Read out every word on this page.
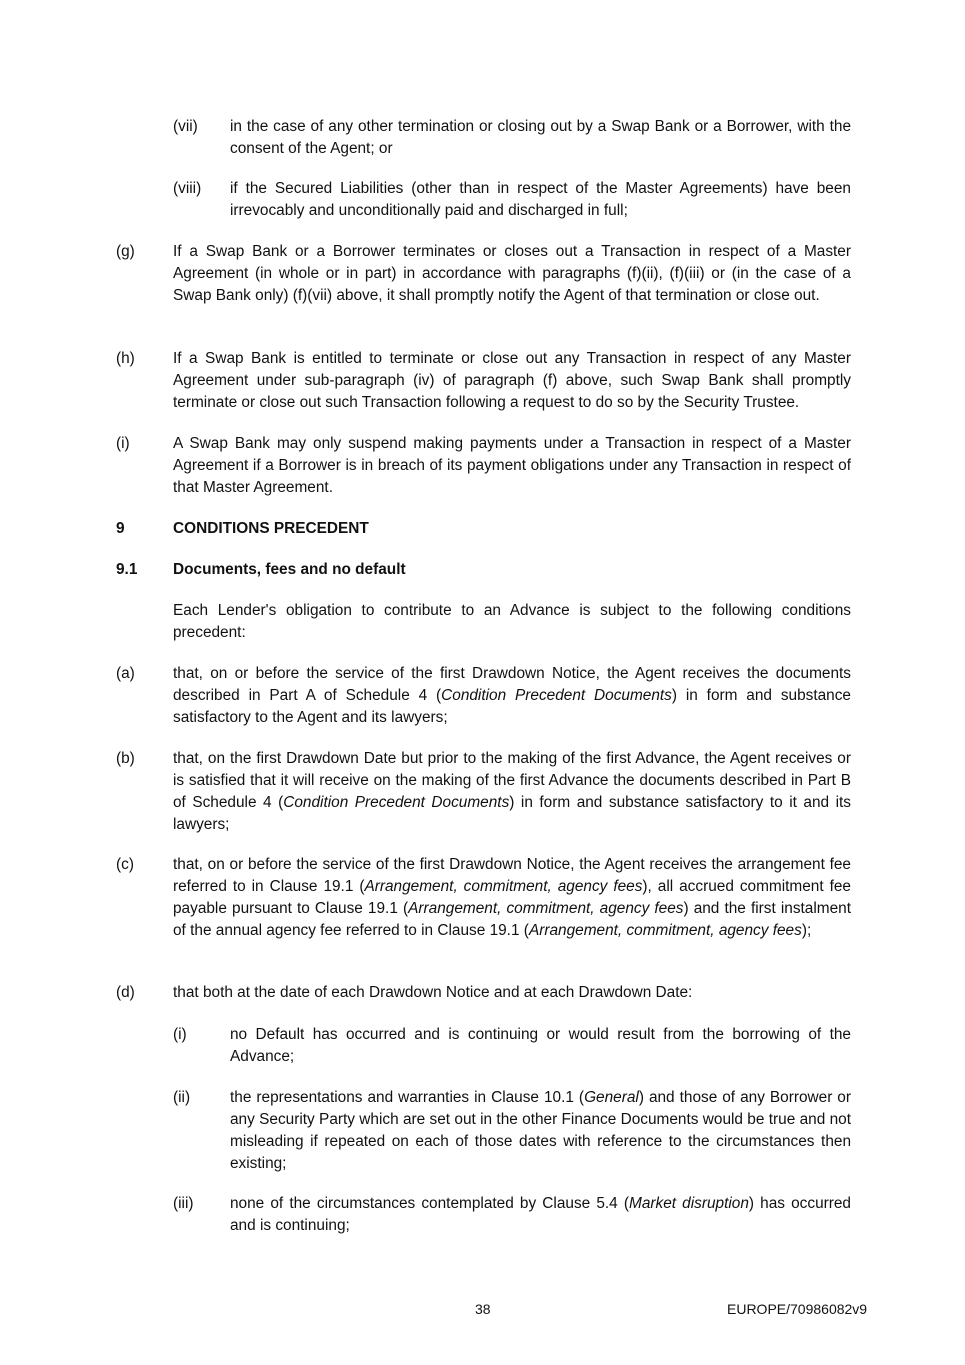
(vii) in the case of any other termination or closing out by a Swap Bank or a Borrower, with the consent of the Agent; or
(viii) if the Secured Liabilities (other than in respect of the Master Agreements) have been irrevocably and unconditionally paid and discharged in full;
(g) If a Swap Bank or a Borrower terminates or closes out a Transaction in respect of a Master Agreement (in whole or in part) in accordance with paragraphs (f)(ii), (f)(iii) or (in the case of a Swap Bank only) (f)(vii) above, it shall promptly notify the Agent of that termination or close out.
(h) If a Swap Bank is entitled to terminate or close out any Transaction in respect of any Master Agreement under sub-paragraph (iv) of paragraph (f) above, such Swap Bank shall promptly terminate or close out such Transaction following a request to do so by the Security Trustee.
(i)	A Swap Bank may only suspend making payments under a Transaction in respect of a Master Agreement if a Borrower is in breach of its payment obligations under any Transaction in respect of that Master Agreement.
9	CONDITIONS PRECEDENT
9.1 Documents, fees and no default
Each Lender's obligation to contribute to an Advance is subject to the following conditions precedent:
(a) that, on or before the service of the first Drawdown Notice, the Agent receives the documents described in Part A of Schedule 4 (Condition Precedent Documents) in form and substance satisfactory to the Agent and its lawyers;
(b) that, on the first Drawdown Date but prior to the making of the first Advance, the Agent receives or is satisfied that it will receive on the making of the first Advance the documents described in Part B of Schedule 4 (Condition Precedent Documents) in form and substance satisfactory to it and its lawyers;
(c)	that, on or before the service of the first Drawdown Notice, the Agent receives the arrangement fee referred to in Clause 19.1 (Arrangement, commitment, agency fees), all accrued commitment fee payable pursuant to Clause 19.1 (Arrangement, commitment, agency fees) and the first instalment of the annual agency fee referred to in Clause 19.1 (Arrangement, commitment, agency fees);
(d) that both at the date of each Drawdown Notice and at each Drawdown Date:
(i)	no Default has occurred and is continuing or would result from the borrowing of the Advance;
(ii)	the representations and warranties in Clause 10.1 (General) and those of any Borrower or any Security Party which are set out in the other Finance Documents would be true and not misleading if repeated on each of those dates with reference to the circumstances then existing;
(iii) none of the circumstances contemplated by Clause 5.4 (Market disruption) has occurred and is continuing;
38	EUROPE/70986082v9
